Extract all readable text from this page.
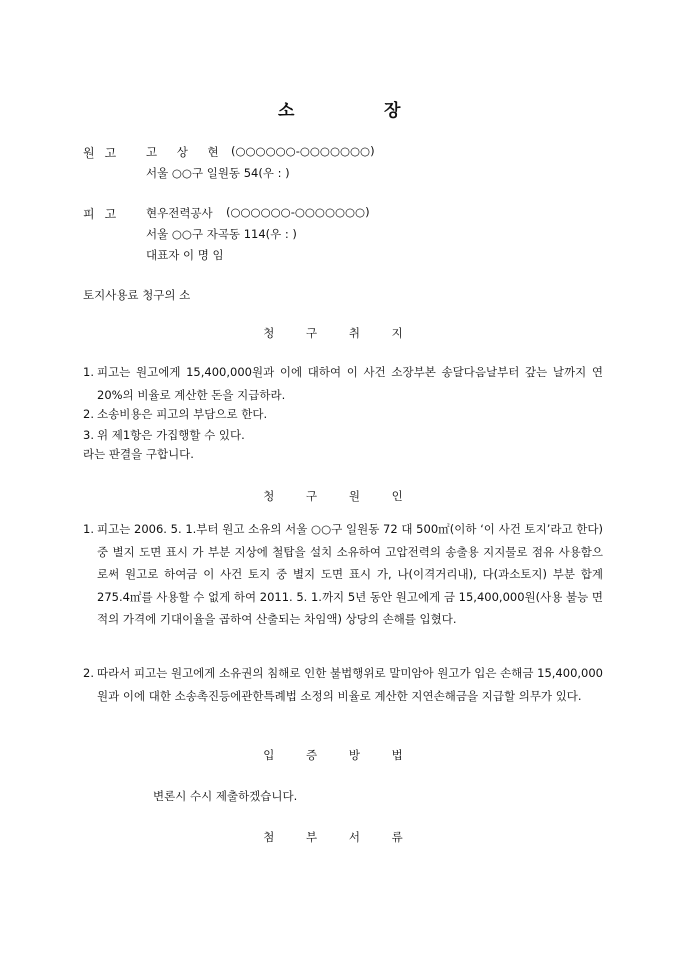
소	장
원고 고 상 현 (○○○○○○-○○○○○○○)
서울 ○○구 일원동 54(우 : )
피고 현우전력공사 (○○○○○○-○○○○○○○)
서울 ○○구 자곡동 114(우 : )
대표자 이 명 임
토지사용료 청구의 소
청 구 취 지
1. 피고는 원고에게 15,400,000원과 이에 대하여 이 사건 소장부본 송달다음날부터 갚는 날까지 연 20%의 비율로 계산한 돈을 지급하라.
2. 소송비용은 피고의 부담으로 한다.
3. 위 제1항은 가집행할 수 있다.
라는 판결을 구합니다.
청 구 원 인
1. 피고는 2006. 5. 1.부터 원고 소유의 서울 ○○구 일원동 72 대 500㎡(이하 ‘이 사건 토지’라고 한다) 중 별지 도면 표시 가 부분 지상에 철탑을 설치 소유하여 고압전력의 송출용 지지물로 점유 사용함으로써 원고로 하여금 이 사건 토지 중 별지 도면 표시 가, 나(이격거리내), 다(과소토지) 부분 합계 275.4㎡를 사용할 수 없게 하여 2011. 5. 1.까지 5년 동안 원고에게 금 15,400,000원(사용 불능 면적의 가격에 기대이율을 곱하여 산출되는 차임액) 상당의 손해를 입혔다.
2. 따라서 피고는 원고에게 소유권의 침해로 인한 불법행위로 말미암아 원고가 입은 손해금 15,400,000원과 이에 대한 소송촉진등에관한특례법 소정의 비율로 계산한 지연손해금을 지급할 의무가 있다.
입 증 방 법
변론시 수시 제출하겠습니다.
첨 부 서 류
